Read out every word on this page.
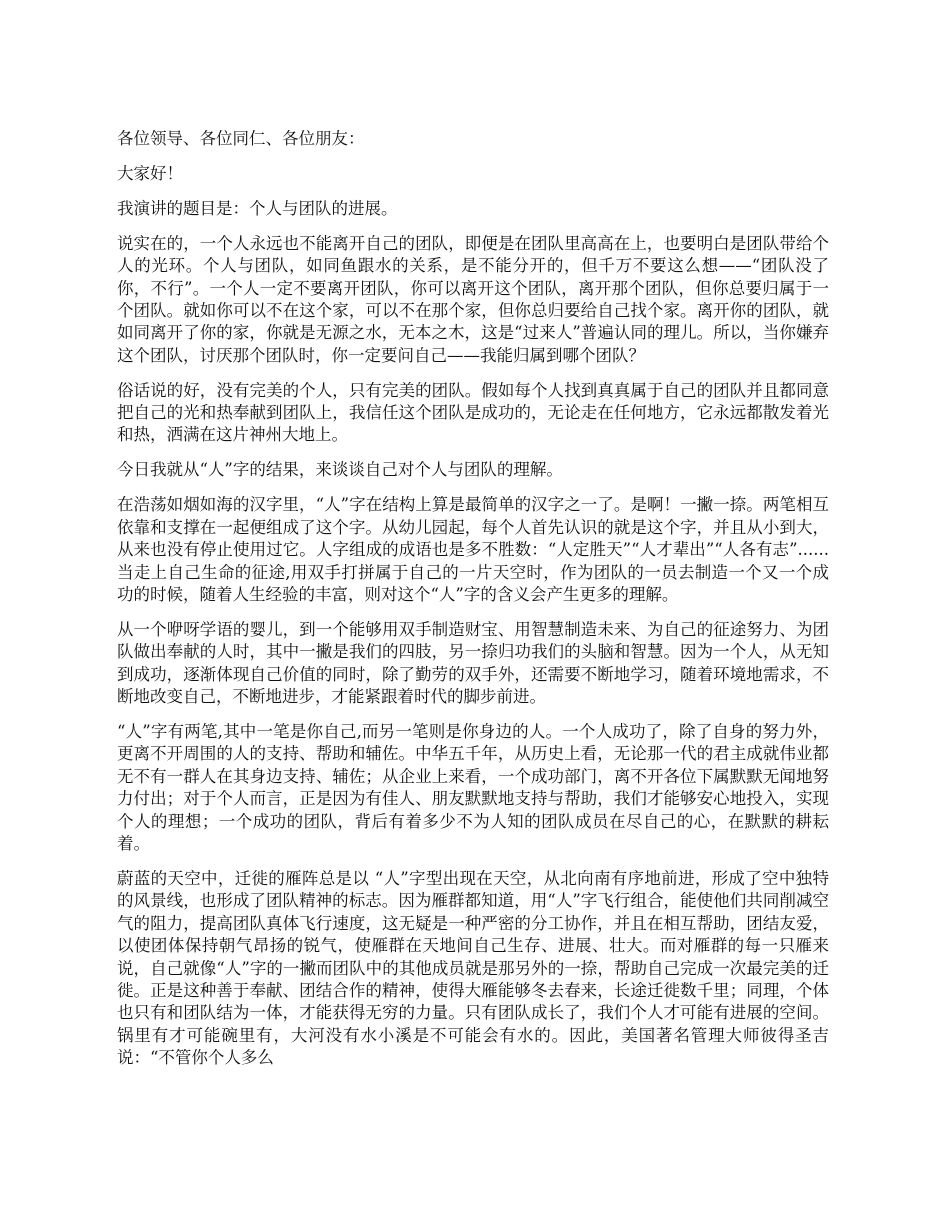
各位领导、各位同仁、各位朋友：

大家好！

我演讲的题目是：个人与团队的进展。

说实在的，一个人永远也不能离开自己的团队，即便是在团队里高高在上，也要明白是团队带给个人的光环。个人与团队，如同鱼跟水的关系，是不能分开的，但千万不要这么想——“团队没了你，不行”。一个人一定不要离开团队，你可以离开这个团队，离开那个团队，但你总要归属于一个团队。就如你可以不在这个家，可以不在那个家，但你总归要给自己找个家。离开你的团队，就如同离开了你的家，你就是无源之水，无本之木，这是“过来人”普遍认同的理儿。所以，当你嫌弃这个团队，讨厌那个团队时，你一定要问自己——我能归属到哪个团队？

俗话说的好，没有完美的个人，只有完美的团队。假如每个人找到真真属于自己的团队并且都同意把自己的光和热奉献到团队上，我信任这个团队是成功的，无论走在任何地方，它永远都散发着光和热，洒满在这片神州大地上。

今日我就从“人”字的结果，来谈谈自己对个人与团队的理解。

在浩荡如烟如海的汉字里，“人”字在结构上算是最简单的汉字之一了。是啊！一撇一捺。两笔相互依靠和支撑在一起便组成了这个字。从幼儿园起，每个人首先认识的就是这个字，并且从小到大，从来也没有停止使用过它。人字组成的成语也是多不胜数：“人定胜天”“人才辈出”“人各有志”......当走上自己生命的征途,用双手打拼属于自己的一片天空时，作为团队的一员去制造一个又一个成功的时候，随着人生经验的丰富，则对这个“人”字的含义会产生更多的理解。

从一个咿呀学语的婴儿，到一个能够用双手制造财宝、用智慧制造未来、为自己的征途努力、为团队做出奉献的人时，其中一撇是我们的四肢，另一捺归功我们的头脑和智慧。因为一个人，从无知到成功，逐渐体现自己价值的同时，除了勤劳的双手外，还需要不断地学习，随着环境地需求，不断地改变自己，不断地进步，才能紧跟着时代的脚步前进。

“人”字有两笔,其中一笔是你自己,而另一笔则是你身边的人。一个人成功了，除了自身的努力外，更离不开周围的人的支持、帮助和辅佐。中华五千年，从历史上看，无论那一代的君主成就伟业都无不有一群人在其身边支持、辅佐；从企业上来看，一个成功部门，离不开各位下属默默无闻地努力付出；对于个人而言，正是因为有佳人、朋友默默地支持与帮助，我们才能够安心地投入，实现个人的理想；一个成功的团队，背后有着多少不为人知的团队成员在尽自己的心，在默默的耕耘着。

蔚蓝的天空中，迁徙的雁阵总是以 “人”字型出现在天空，从北向南有序地前进，形成了空中独特的风景线，也形成了团队精神的标志。因为雁群都知道，用“人”字飞行组合，能使他们共同削减空气的阻力，提高团队真体飞行速度，这无疑是一种严密的分工协作，并且在相互帮助，团结友爱，以使团体保持朝气昂扬的锐气，使雁群在天地间自己生存、进展、壮大。而对雁群的每一只雁来说，自己就像“人”字的一撇而团队中的其他成员就是那另外的一捺，帮助自己完成一次最完美的迁徙。正是这种善于奉献、团结合作的精神，使得大雁能够冬去春来，长途迁徙数千里；同理，个体也只有和团队结为一体，才能获得无穷的力量。只有团队成长了，我们个人才可能有进展的空间。锅里有才可能碗里有，大河没有水小溪是不可能会有水的。因此，美国著名管理大师彼得圣吉说：“不管你个人多么
